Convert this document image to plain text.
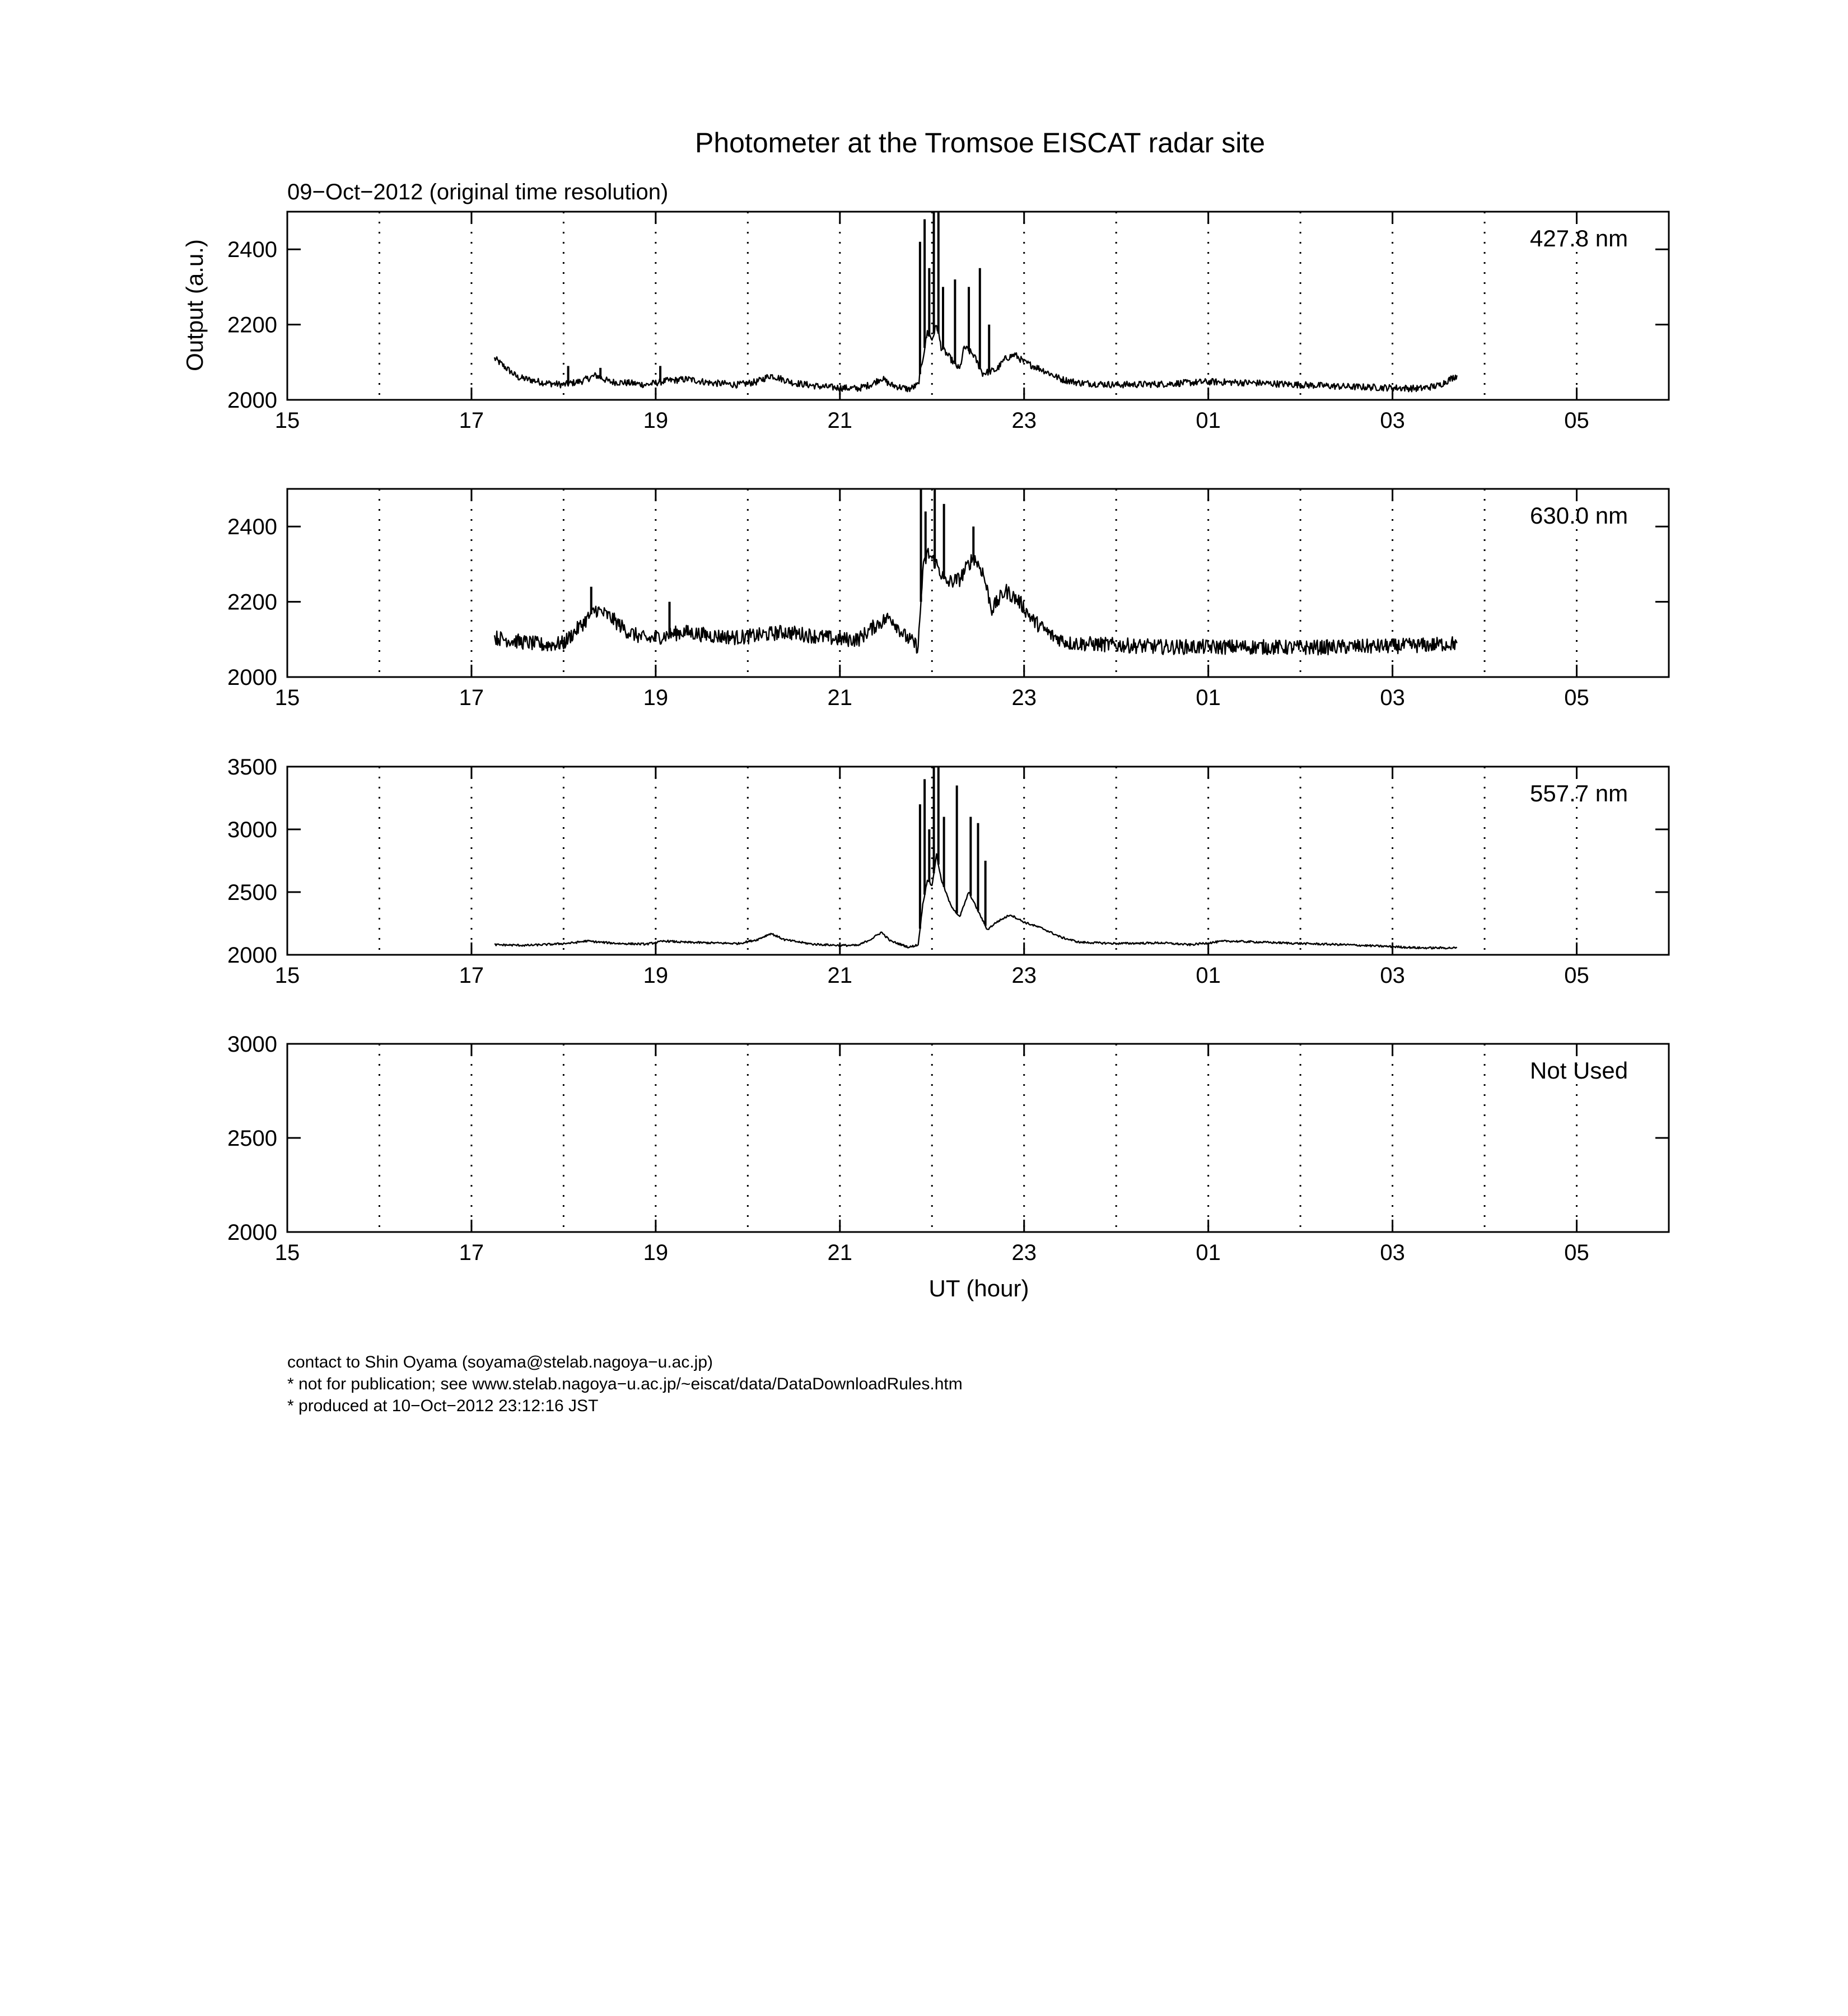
Photometer at the Tromsoe EISCAT radar site
09−Oct−2012 (original time resolution)
2000
2200
2400
15	17	19	21	23	01	03	05
427.8 nm
2000
2200
2400
15	17	19	21	23	01	03	05
630.0 nm
2000
2500
3000
3500
15	17	19	21	23	01	03	05
557.7 nm
2000
2500
3000
15	17	19	21	23	01	03	05
Not Used
Output (a.u.)
UT (hour)
contact to Shin Oyama (soyama@stelab.nagoya−u.ac.jp)
* not for publication; see www.stelab.nagoya−u.ac.jp/~eiscat/data/DataDownloadRules.htm
* produced at 10−Oct−2012 23:12:16 JST
